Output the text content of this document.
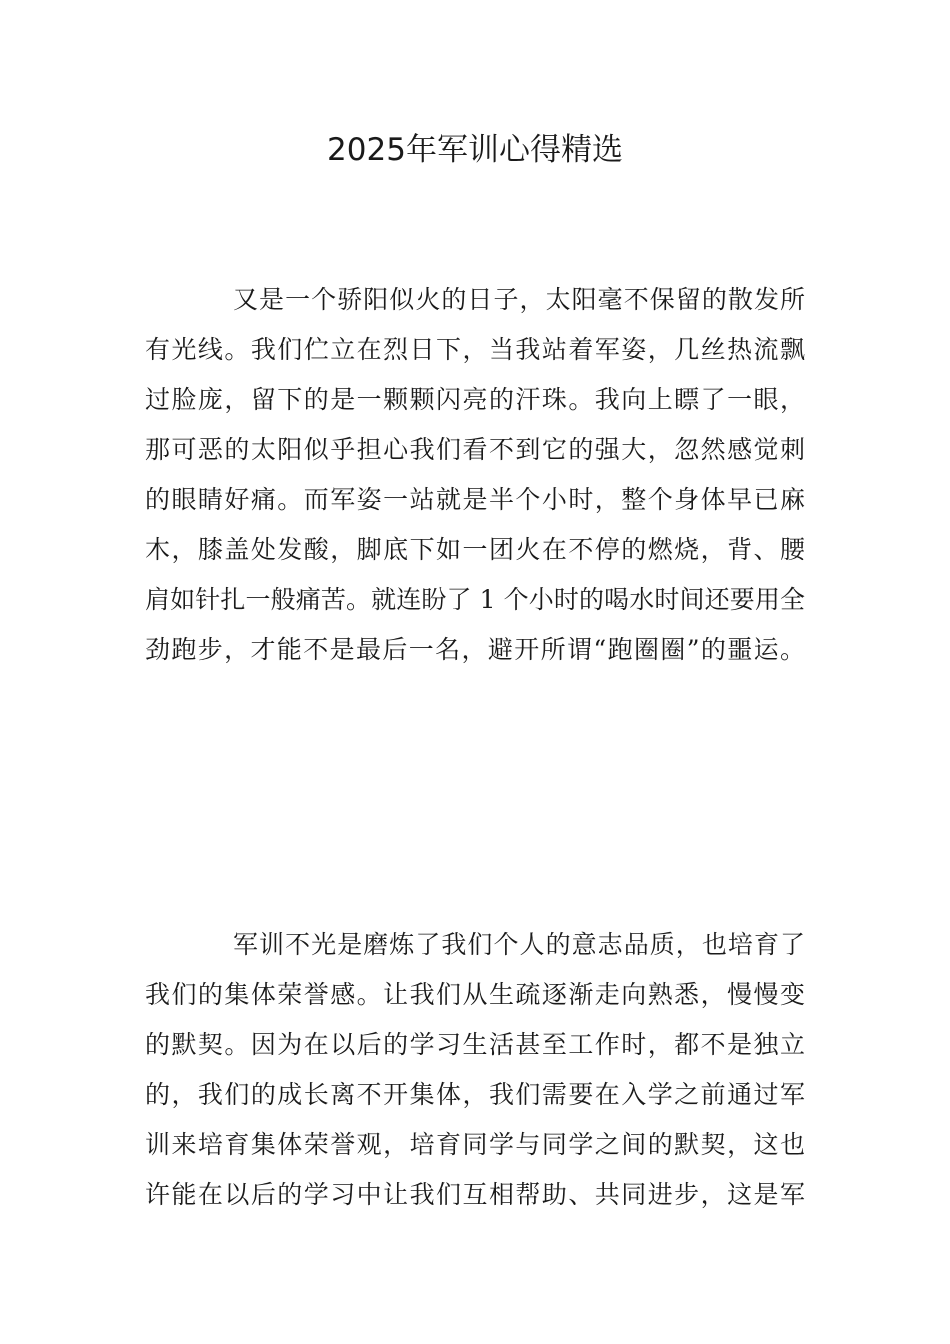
2025年军训心得精选
又是一个骄阳似火的日子，太阳毫不保留的散发所
有光线。我们伫立在烈日下，当我站着军姿，几丝热流飘
过脸庞，留下的是一颗颗闪亮的汗珠。我向上瞟了一眼，
那可恶的太阳似乎担心我们看不到它的强大，忽然感觉刺
的眼睛好痛。而军姿一站就是半个小时，整个身体早已麻
木，膝盖处发酸，脚底下如一团火在不停的燃烧，背、腰
肩如针扎一般痛苦。就连盼了 1 个小时的喝水时间还要用全
劲跑步，才能不是最后一名，避开所谓“跑圈圈”的噩运。
军训不光是磨炼了我们个人的意志品质，也培育了
我们的集体荣誉感。让我们从生疏逐渐走向熟悉，慢慢变
的默契。因为在以后的学习生活甚至工作时，都不是独立
的，我们的成长离不开集体，我们需要在入学之前通过军
训来培育集体荣誉观，培育同学与同学之间的默契，这也
许能在以后的学习中让我们互相帮助、共同进步，这是军
